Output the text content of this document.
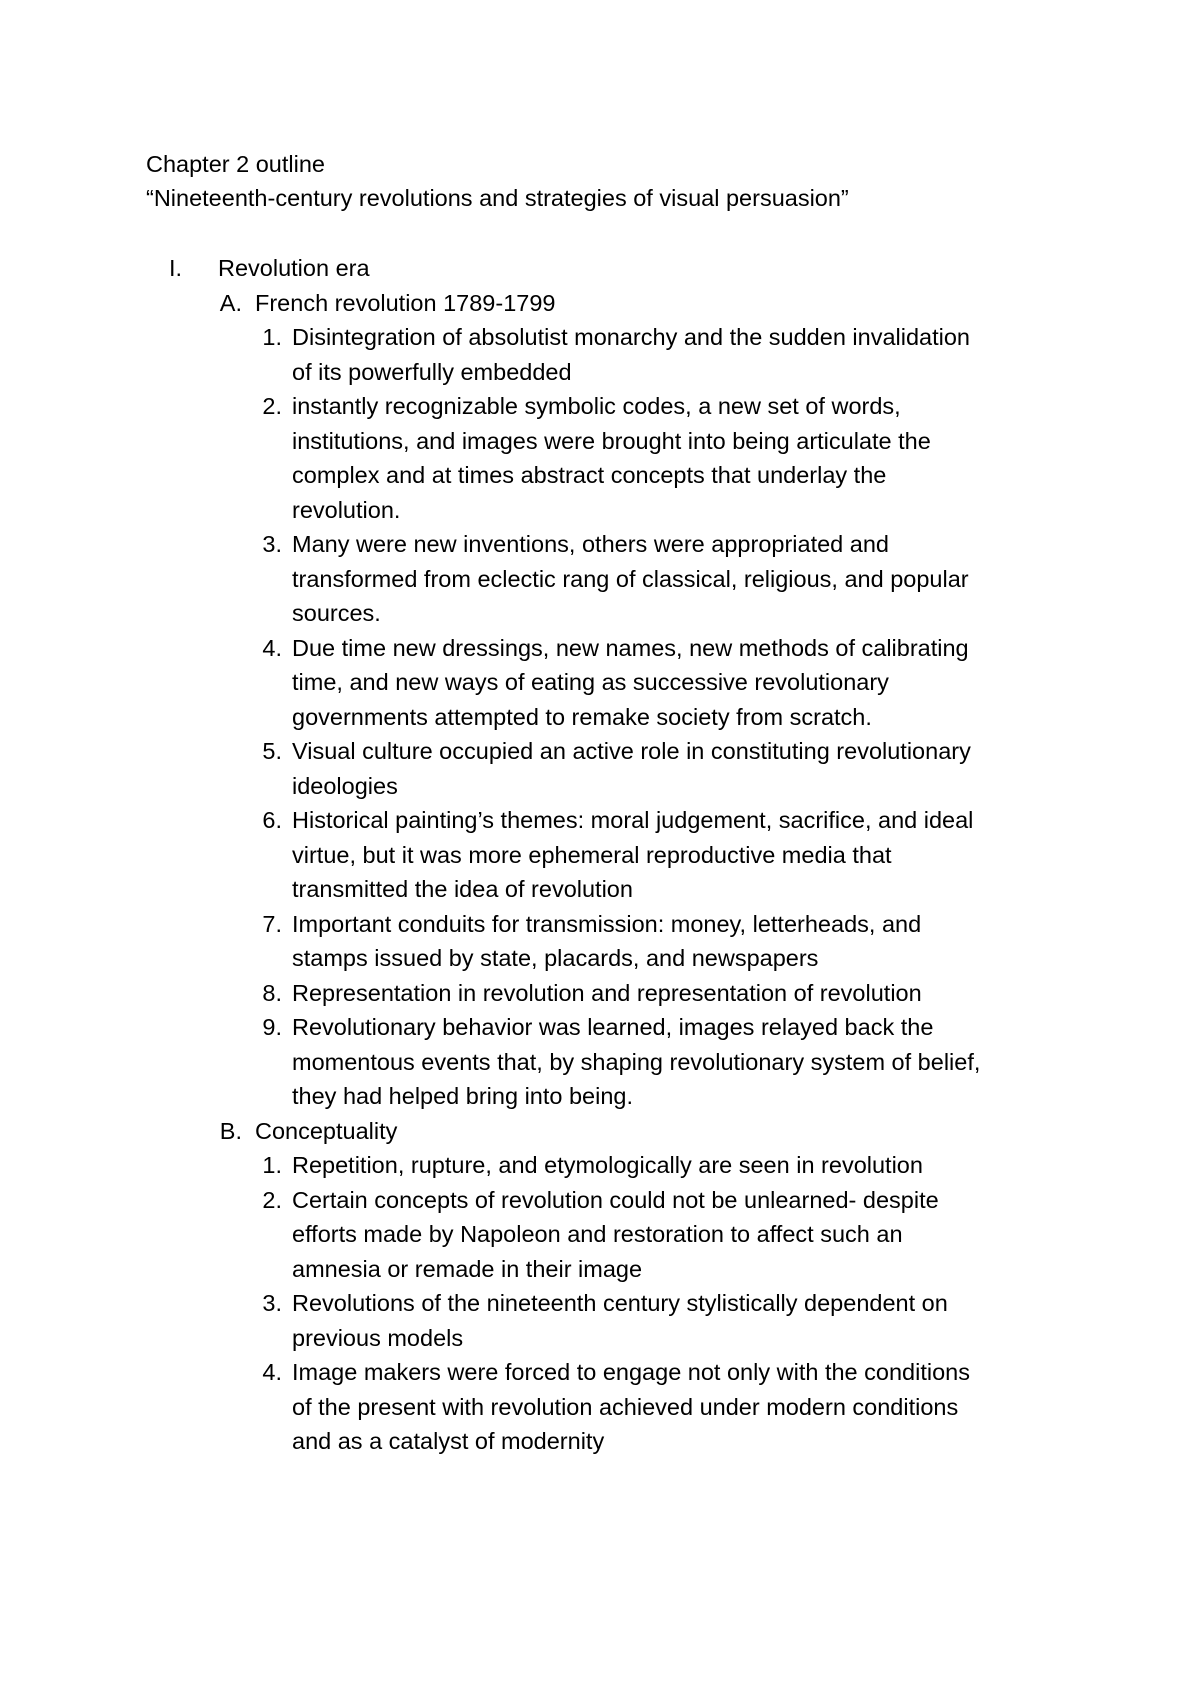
Chapter 2 outline
“Nineteenth-century revolutions and strategies of visual persuasion”
I. Revolution era
A. French revolution 1789-1799
1. Disintegration of absolutist monarchy and the sudden invalidation
of its powerfully embedded
2. instantly recognizable symbolic codes, a new set of words,
institutions, and images were brought into being articulate the
complex and at times abstract concepts that underlay the
revolution.
3. Many were new inventions, others were appropriated and
transformed from eclectic rang of classical, religious, and popular
sources.
4. Due time new dressings, new names, new methods of calibrating
time, and new ways of eating as successive revolutionary
governments attempted to remake society from scratch.
5. Visual culture occupied an active role in constituting revolutionary
ideologies
6. Historical painting’s themes: moral judgement, sacrifice, and ideal
virtue, but it was more ephemeral reproductive media that
transmitted the idea of revolution
7. Important conduits for transmission: money, letterheads, and
stamps issued by state, placards, and newspapers
8. Representation in revolution and representation of revolution
9. Revolutionary behavior was learned, images relayed back the
momentous events that, by shaping revolutionary system of belief,
they had helped bring into being.
B. Conceptuality
1. Repetition, rupture, and etymologically are seen in revolution
2. Certain concepts of revolution could not be unlearned- despite
efforts made by Napoleon and restoration to affect such an
amnesia or remade in their image
3. Revolutions of the nineteenth century stylistically dependent on
previous models
4. Image makers were forced to engage not only with the conditions
of the present with revolution achieved under modern conditions
and as a catalyst of modernity
